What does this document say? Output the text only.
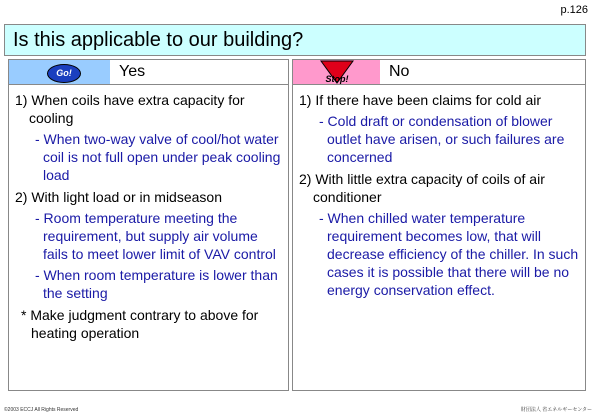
p.126
Is this applicable to our building?
Go!	Yes
1) When coils have extra capacity for cooling
- When two-way valve of cool/hot water coil is not full open under peak cooling load
2) With light load or in midseason
- Room temperature meeting the requirement, but supply air volume fails to meet lower limit of VAV control
- When room temperature is lower than the setting
* Make judgment contrary to above for heating operation
Stop!	No
1) If there have been claims for cold air
- Cold draft or condensation of blower outlet have arisen, or such failures are concerned
2) With little extra capacity of coils of air conditioner
- When chilled water temperature requirement becomes low, that will decrease efficiency of the chiller. In such cases it is possible that there will be no energy conservation effect.
©2003 ECCJ All Rights Reserved	財団法人 省エネルギーセンター
